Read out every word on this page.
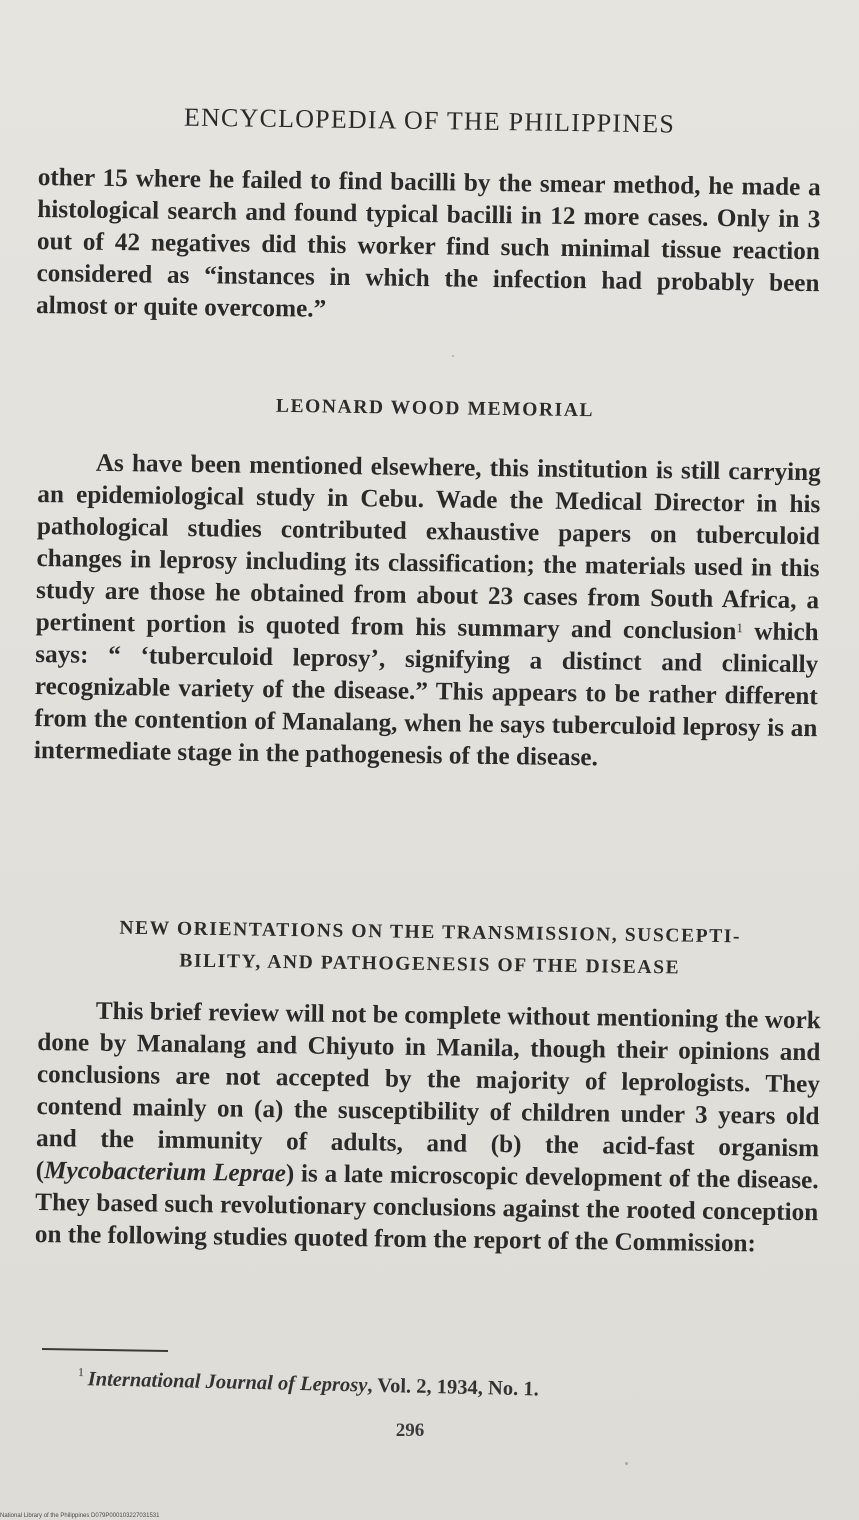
ENCYCLOPEDIA OF THE PHILIPPINES

other 15 where he failed to find bacilli by the smear method, he made a histological search and found typical bacilli in 12 more cases. Only in 3 out of 42 negatives did this worker find such minimal tissue reaction considered as “instances in which the infection had probably been almost or quite overcome.”

LEONARD WOOD MEMORIAL

As have been mentioned elsewhere, this institution is still carrying an epidemiological study in Cebu. Wade the Medical Director in his pathological studies contributed exhaustive papers on tuberculoid changes in leprosy including its classification; the materials used in this study are those he obtained from about 23 cases from South Africa, a pertinent portion is quoted from his summary and conclusion$^1$ which says: “ ‘tuberculoid leprosy’, signifying a distinct and clinically recognizable variety of the disease.” This appears to be rather different from the contention of Manalang, when he says tuberculoid leprosy is an intermediate stage in the pathogenesis of the disease.

NEW ORIENTATIONS ON THE TRANSMISSION, SUSCEPTI-
BILITY, AND PATHOGENESIS OF THE DISEASE

This brief review will not be complete without mentioning the work done by Manalang and Chiyuto in Manila, though their opinions and conclusions are not accepted by the majority of leprologists. They contend mainly on (a) the susceptibility of children under 3 years old and the immunity of adults, and (b) the acid-fast organism (Mycobacterium Leprae) is a late microscopic development of the disease. They based such revolutionary conclusions against the rooted conception on the following studies quoted from the report of the Commission:

$^1$ International Journal of Leprosy, Vol. 2, 1934, No. 1.
296
National Library of the Philippines D079P000103227031531
